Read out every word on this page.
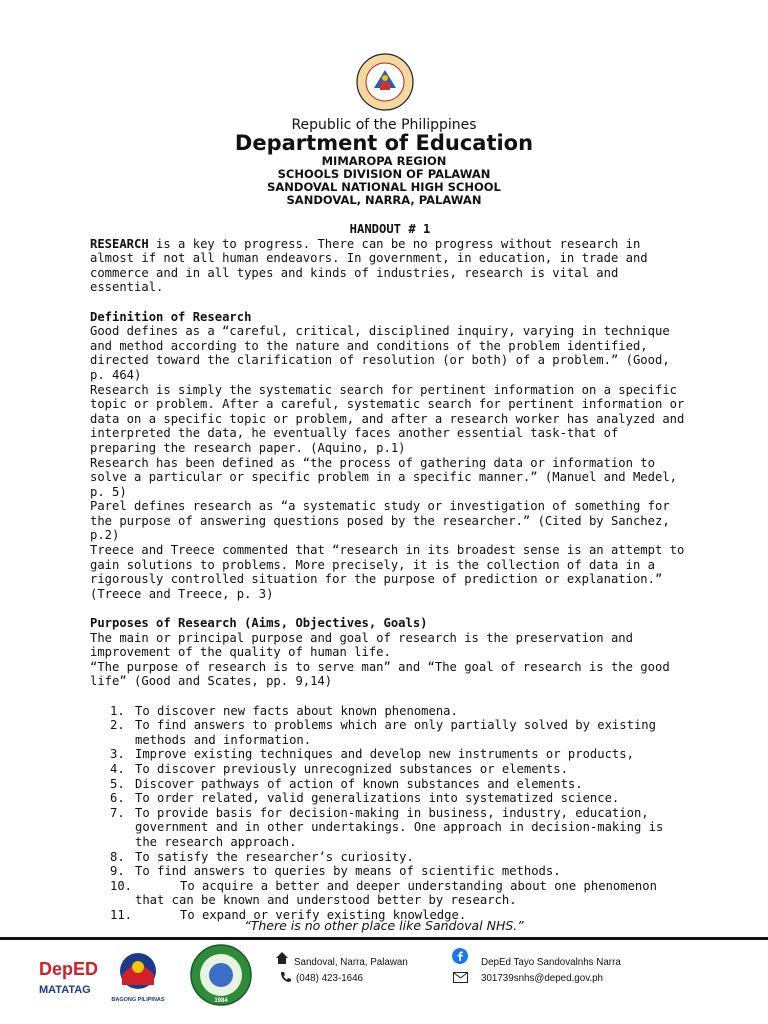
Republic of the Philippines
Department of Education
MIMAROPA REGION
SCHOOLS DIVISION OF PALAWAN
SANDOVAL NATIONAL HIGH SCHOOL
SANDOVAL, NARRA, PALAWAN

HANDOUT # 1

RESEARCH is a key to progress. There can be no progress without research in almost if not all human endeavors. In government, in education, in trade and commerce and in all types and kinds of industries, research is vital and essential.

Definition of Research

Good defines as a “careful, critical, disciplined inquiry, varying in technique and method according to the nature and conditions of the problem identified, directed toward the clarification of resolution (or both) of a problem.” (Good, p. 464)

Research is simply the systematic search for pertinent information on a specific topic or problem. After a careful, systematic search for pertinent information or data on a specific topic or problem, and after a research worker has analyzed and interpreted the data, he eventually faces another essential task-that of preparing the research paper. (Aquino, p.1)

Research has been defined as “the process of gathering data or information to solve a particular or specific problem in a specific manner.” (Manuel and Medel, p. 5)

Parel defines research as “a systematic study or investigation of something for the purpose of answering questions posed by the researcher.” (Cited by Sanchez, p.2)

Treece and Treece commented that “research in its broadest sense is an attempt to gain solutions to problems. More precisely, it is the collection of data in a rigorously controlled situation for the purpose of prediction or explanation.” (Treece and Treece, p. 3)

Purposes of Research (Aims, Objectives, Goals)

The main or principal purpose and goal of research is the preservation and improvement of the quality of human life.

“The purpose of research is to serve man” and “The goal of research is the good life” (Good and Scates, pp. 9,14)

1. To discover new facts about known phenomena.
2. To find answers to problems which are only partially solved by existing methods and information.
3. Improve existing techniques and develop new instruments or products,
4. To discover previously unrecognized substances or elements.
5. Discover pathways of action of known substances and elements.
6. To order related, valid generalizations into systematized science.
7. To provide basis for decision-making in business, industry, education, government and in other undertakings. One approach in decision-making is the research approach.
8. To satisfy the researcher’s curiosity.
9. To find answers to queries by means of scientific methods.
10.	To acquire a better and deeper understanding about one phenomenon that can be known and understood better by research.
11.	To expand or verify existing knowledge.
“There is no other place like Sandoval NHS.”
DepED
MATATAG
BAGONG PILIPINAS	1984
Sandoval, Narra, Palawan
(048) 423-1646
DepEd Tayo Sandovalnhs Narra
301739snhs@deped.gov.ph
